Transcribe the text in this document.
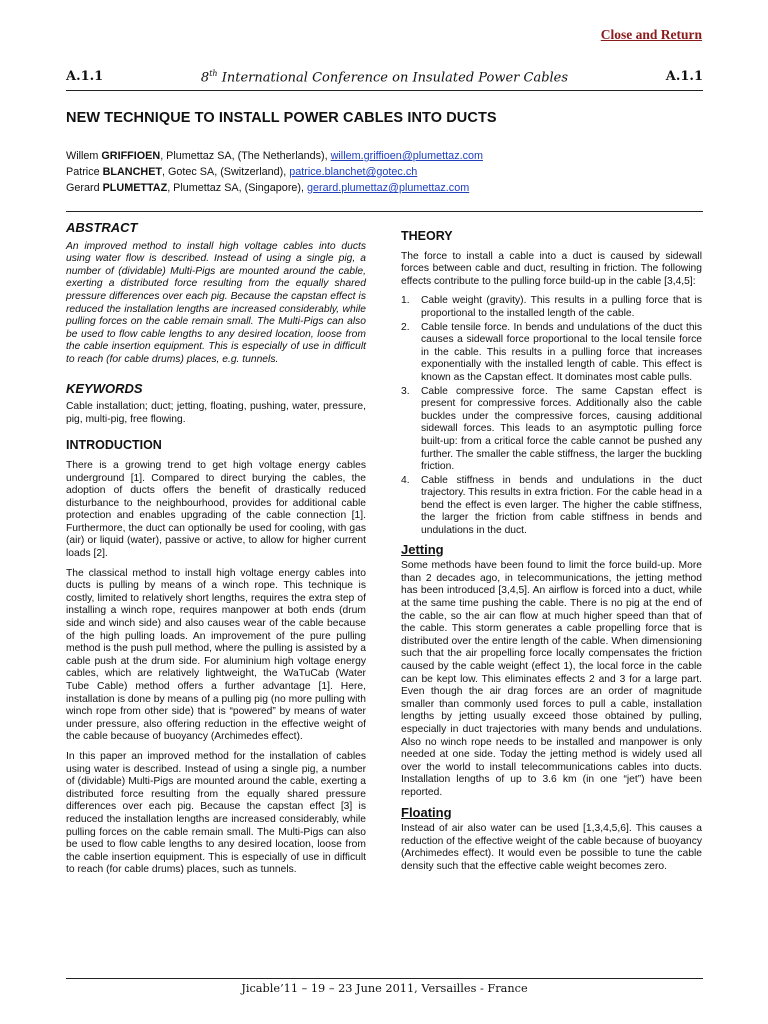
Close and Return
A.1.1	8th International Conference on Insulated Power Cables	A.1.1
NEW TECHNIQUE TO INSTALL POWER CABLES INTO DUCTS
Willem GRIFFIOEN, Plumettaz SA, (The Netherlands), willem.griffioen@plumettaz.com
Patrice BLANCHET, Gotec SA, (Switzerland), patrice.blanchet@gotec.ch
Gerard PLUMETTAZ, Plumettaz SA, (Singapore), gerard.plumettaz@plumettaz.com
ABSTRACT
An improved method to install high voltage cables into ducts using water flow is described. Instead of using a single pig, a number of (dividable) Multi-Pigs are mounted around the cable, exerting a distributed force resulting from the equally shared pressure differences over each pig. Because the capstan effect is reduced the installation lengths are increased considerably, while pulling forces on the cable remain small. The Multi-Pigs can also be used to flow cable lengths to any desired location, loose from the cable insertion equipment. This is especially of use in difficult to reach (for cable drums) places, e.g. tunnels.
KEYWORDS
Cable installation; duct; jetting, floating, pushing, water, pressure, pig, multi-pig, free flowing.
INTRODUCTION

There is a growing trend to get high voltage energy cables underground [1]. Compared to direct burying the cables, the adoption of ducts offers the benefit of drastically reduced disturbance to the neighbourhood, provides for additional cable protection and enables upgrading of the cable connection [1]. Furthermore, the duct can optionally be used for cooling, with gas (air) or liquid (water), passive or active, to allow for higher current loads [2].

The classical method to install high voltage energy cables into ducts is pulling by means of a winch rope. This technique is costly, limited to relatively short lengths, requires the extra step of installing a winch rope, requires manpower at both ends (drum side and winch side) and also causes wear of the cable because of the high pulling loads. An improvement of the pure pulling method is the push pull method, where the pulling is assisted by a cable push at the drum side. For aluminium high voltage energy cables, which are relatively lightweight, the WaTuCab (Water Tube Cable) method offers a further advantage [1]. Here, installation is done by means of a pulling pig (no more pulling with winch rope from other side) that is “powered” by means of water under pressure, also offering reduction in the effective weight of the cable because of buoyancy (Archimedes effect).

In this paper an improved method for the installation of cables using water is described. Instead of using a single pig, a number of (dividable) Multi-Pigs are mounted around the cable, exerting a distributed force resulting from the equally shared pressure differences over each pig. Because the capstan effect [3] is reduced the installation lengths are increased considerably, while pulling forces on the cable remain small. The Multi-Pigs can also be used to flow cable lengths to any desired location, loose from the cable insertion equipment. This is especially of use in difficult to reach (for cable drums) places, such as tunnels.

THEORY

The force to install a cable into a duct is caused by sidewall forces between cable and duct, resulting in friction. The following effects contribute to the pulling force build-up in the cable [3,4,5]:

1. Cable weight (gravity). This results in a pulling force that is proportional to the installed length of the cable.
2. Cable tensile force. In bends and undulations of the duct this causes a sidewall force proportional to the local tensile force in the cable. This results in a pulling force that increases exponentially with the installed length of cable. This effect is known as the Capstan effect. It dominates most cable pulls.
3. Cable compressive force. The same Capstan effect is present for compressive forces. Additionally also the cable buckles under the compressive forces, causing additional sidewall forces. This leads to an asymptotic pulling force built-up: from a critical force the cable cannot be pushed any further. The smaller the cable stiffness, the larger the buckling friction.
4. Cable stiffness in bends and undulations in the duct trajectory. This results in extra friction. For the cable head in a bend the effect is even larger. The higher the cable stiffness, the larger the friction from cable stiffness in bends and undulations in the duct.
Jetting

Some methods have been found to limit the force build-up. More than 2 decades ago, in telecommunications, the jetting method has been introduced [3,4,5]. An airflow is forced into a duct, while at the same time pushing the cable. There is no pig at the end of the cable, so the air can flow at much higher speed than that of the cable. This storm generates a cable propelling force that is distributed over the entire length of the cable. When dimensioning such that the air propelling force locally compensates the friction caused by the cable weight (effect 1), the local force in the cable can be kept low. This eliminates effects 2 and 3 for a large part. Even though the air drag forces are an order of magnitude smaller than commonly used forces to pull a cable, installation lengths by jetting usually exceed those obtained by pulling, especially in duct trajectories with many bends and undulations. Also no winch rope needs to be installed and manpower is only needed at one side. Today the jetting method is widely used all over the world to install telecommunications cables into ducts. Installation lengths of up to 3.6 km (in one “jet”) have been reported.

Floating

Instead of air also water can be used [1,3,4,5,6]. This causes a reduction of the effective weight of the cable because of buoyancy (Archimedes effect). It would even be possible to tune the cable density such that the effective cable weight becomes zero.

Jicable’11 – 19 – 23 June 2011, Versailles - France
